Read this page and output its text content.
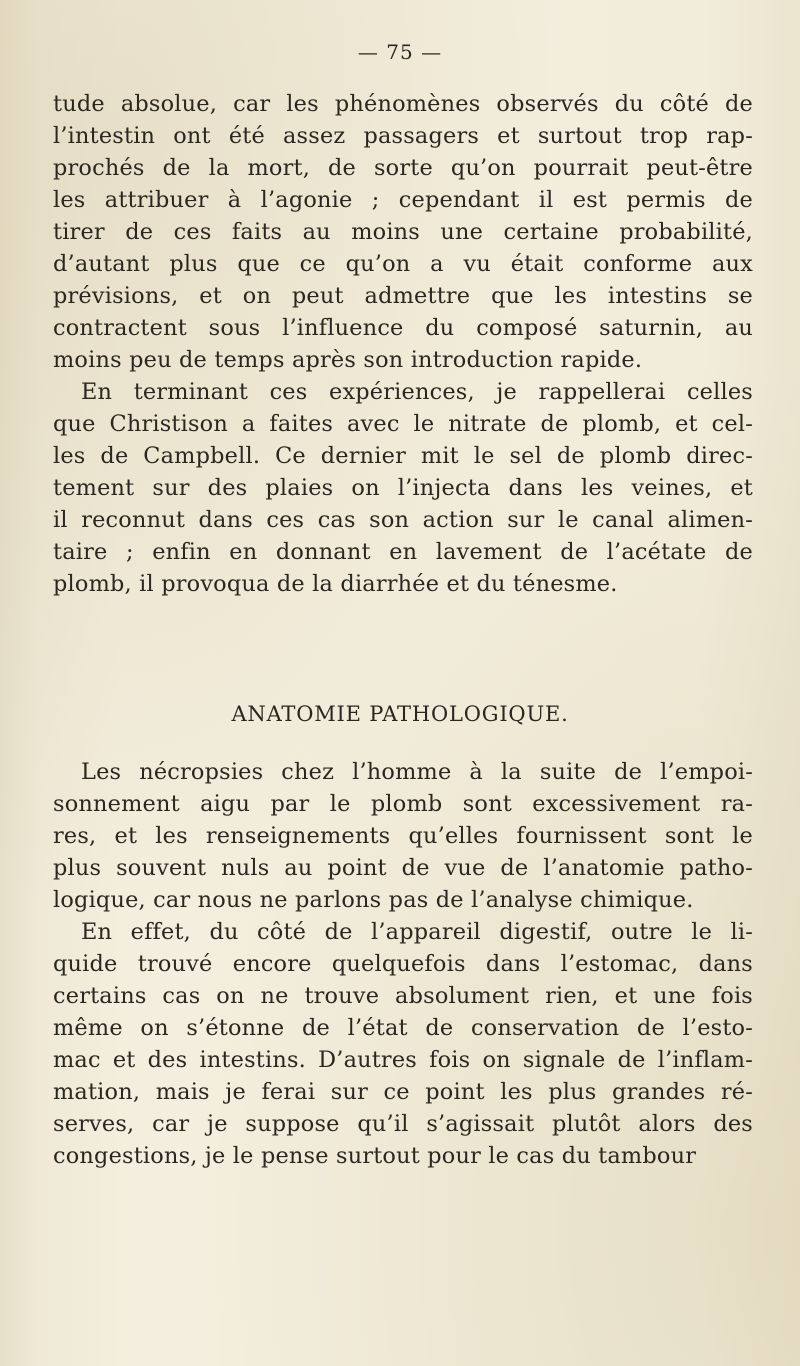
— 75 —
tude absolue, car les phénomènes observés du côté de
l’intestin ont été assez passagers et surtout trop rap-
prochés de la mort, de sorte qu’on pourrait peut-être
les attribuer à l’agonie ; cependant il est permis de
tirer de ces faits au moins une certaine probabilité,
d’autant plus que ce qu’on a vu était conforme aux
prévisions, et on peut admettre que les intestins se
contractent sous l’influence du composé saturnin, au
moins peu de temps après son introduction rapide.
En terminant ces expériences, je rappellerai celles
que Christison a faites avec le nitrate de plomb, et cel-
les de Campbell. Ce dernier mit le sel de plomb direc-
tement sur des plaies on l’injecta dans les veines, et
il reconnut dans ces cas son action sur le canal alimen-
taire ; enfin en donnant en lavement de l’acétate de
plomb, il provoqua de la diarrhée et du ténesme.
ANATOMIE PATHOLOGIQUE.
Les nécropsies chez l’homme à la suite de l’empoi-
sonnement aigu par le plomb sont excessivement ra-
res, et les renseignements qu’elles fournissent sont le
plus souvent nuls au point de vue de l’anatomie patho-
logique, car nous ne parlons pas de l’analyse chimique.
En effet, du côté de l’appareil digestif, outre le li-
quide trouvé encore quelquefois dans l’estomac, dans
certains cas on ne trouve absolument rien, et une fois
même on s’étonne de l’état de conservation de l’esto-
mac et des intestins. D’autres fois on signale de l’inflam-
mation, mais je ferai sur ce point les plus grandes ré-
serves, car je suppose qu’il s’agissait plutôt alors des
congestions, je le pense surtout pour le cas du tambour
